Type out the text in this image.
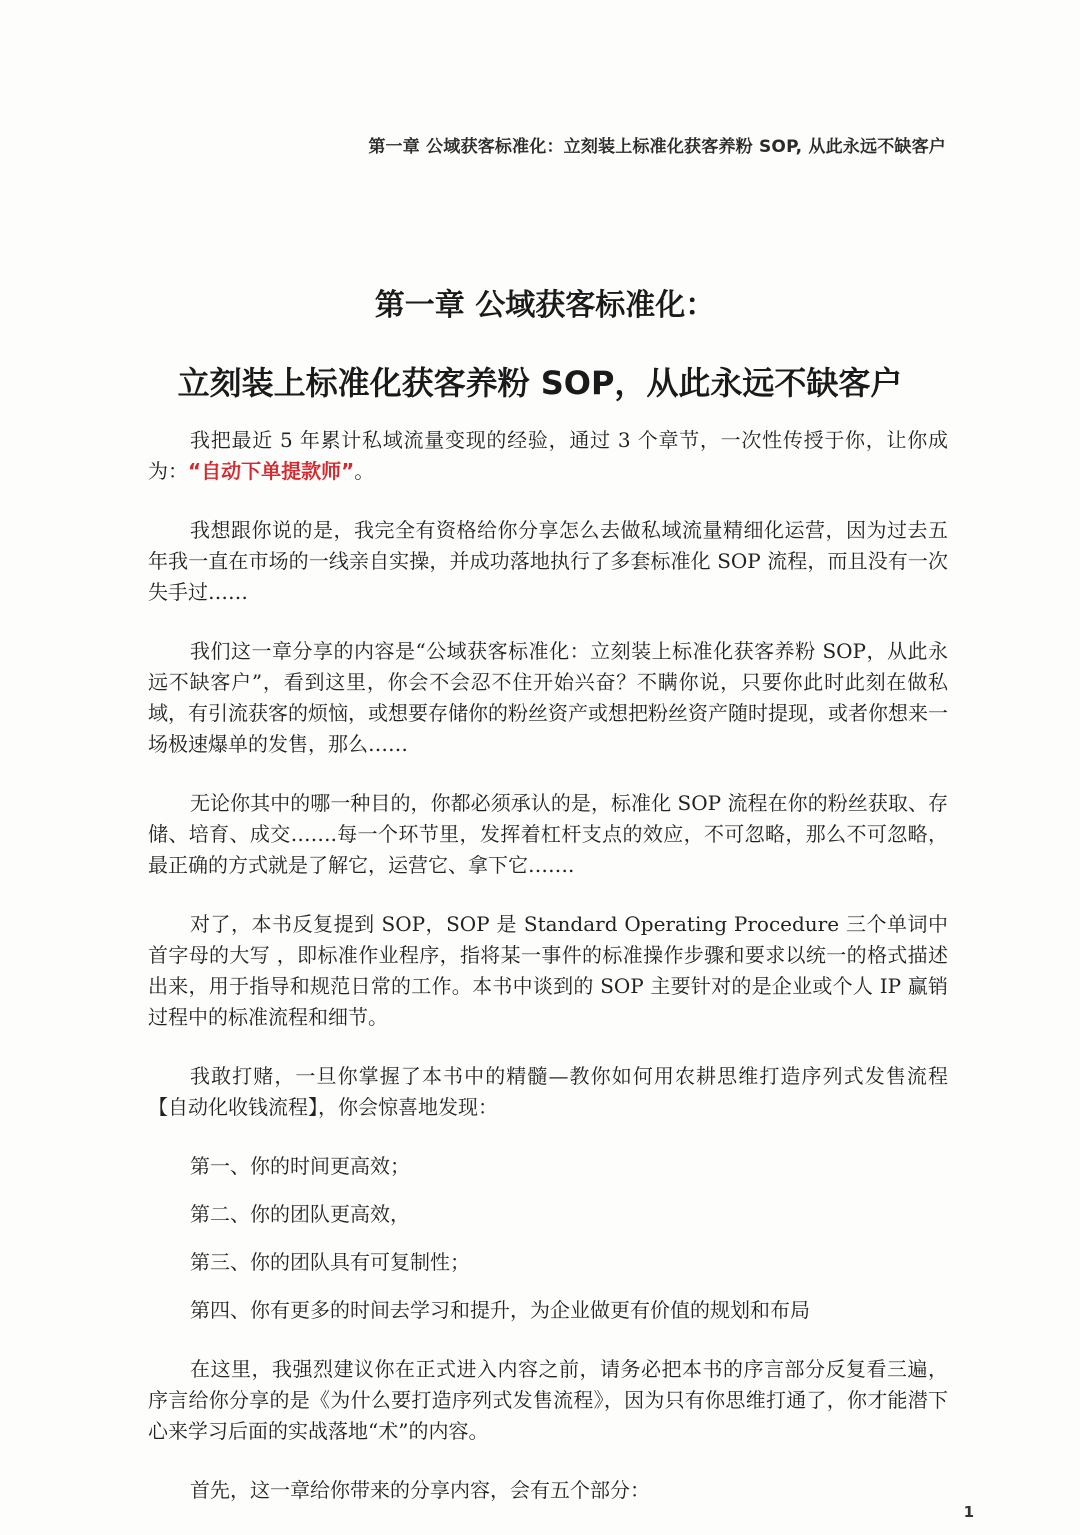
第一章 公域获客标准化：立刻装上标准化获客养粉 SOP, 从此永远不缺客户
第一章 公域获客标准化：
立刻装上标准化获客养粉 SOP，从此永远不缺客户

我把最近 5 年累计私域流量变现的经验，通过 3 个章节，一次性传授于你，让你成为：“自动下单提款师”。

我想跟你说的是，我完全有资格给你分享怎么去做私域流量精细化运营，因为过去五年我一直在市场的一线亲自实操，并成功落地执行了多套标准化 SOP 流程，而且没有一次失手过……

我们这一章分享的内容是“公域获客标准化：立刻装上标准化获客养粉 SOP，从此永远不缺客户”，看到这里，你会不会忍不住开始兴奋？不瞒你说，只要你此时此刻在做私域，有引流获客的烦恼，或想要存储你的粉丝资产或想把粉丝资产随时提现，或者你想来一场极速爆单的发售，那么……

无论你其中的哪一种目的，你都必须承认的是，标准化 SOP 流程在你的粉丝获取、存储、培育、成交…….每一个环节里，发挥着杠杆支点的效应，不可忽略，那么不可忽略，最正确的方式就是了解它，运营它、拿下它…….

对了，本书反复提到 SOP，SOP 是 Standard Operating Procedure 三个单词中首字母的大写 ，即标准作业程序，指将某一事件的标准操作步骤和要求以统一的格式描述出来，用于指导和规范日常的工作。本书中谈到的 SOP 主要针对的是企业或个人 IP 赢销过程中的标准流程和细节。

我敢打赌，一旦你掌握了本书中的精髓—教你如何用农耕思维打造序列式发售流程【自动化收钱流程】，你会惊喜地发现：

第一、你的时间更高效；

第二、你的团队更高效，

第三、你的团队具有可复制性；

第四、你有更多的时间去学习和提升，为企业做更有价值的规划和布局

在这里，我强烈建议你在正式进入内容之前，请务必把本书的序言部分反复看三遍，序言给你分享的是《为什么要打造序列式发售流程》，因为只有你思维打通了，你才能潜下心来学习后面的实战落地“术”的内容。

首先，这一章给你带来的分享内容，会有五个部分：

1
